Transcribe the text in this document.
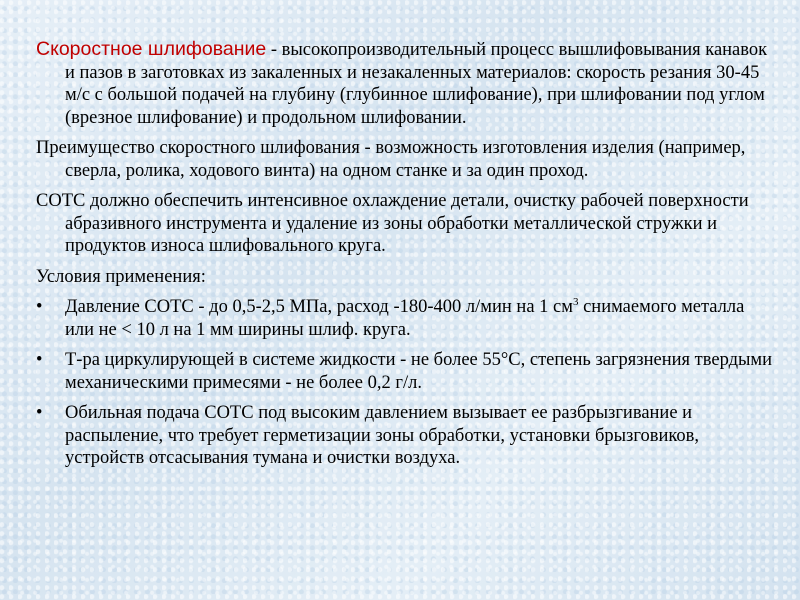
Скоростное шлифование - высокопроизводительный процесс вышлифовывания канавок и пазов в заготовках из закаленных и незакаленных материалов: скорость резания 30-45 м/с с большой подачей на глубину (глубинное шлифование), при шлифовании под углом (врезное шлифование) и продольном шлифовании.

Преимущество скоростного шлифования - возможность изготовления изделия (например, сверла, ролика, ходового винта) на одном станке и за один проход.

СОТС должно обеспечить интенсивное охлаждение детали, очистку рабочей поверхности абразивного инструмента и удаление из зоны обработки металлической стружки и продуктов износа шлифовального круга.

Условия применения:

•	Давление СОТС - до 0,5-2,5 МПа, расход -180-400 л/мин на 1 $см^3$ снимаемого металла или не < 10 л на 1 мм ширины шлиф. круга.
•	Т-ра циркулирующей в системе жидкости - не более 55°С, степень загрязнения твердыми механическими примесями - не более 0,2 г/л.
•	Обильная подача СОТС под высоким давлением вызывает ее разбрызгивание и распыление, что требует герметизации зоны обработки, установки брызговиков, устройств отсасывания тумана и очистки воздуха.
